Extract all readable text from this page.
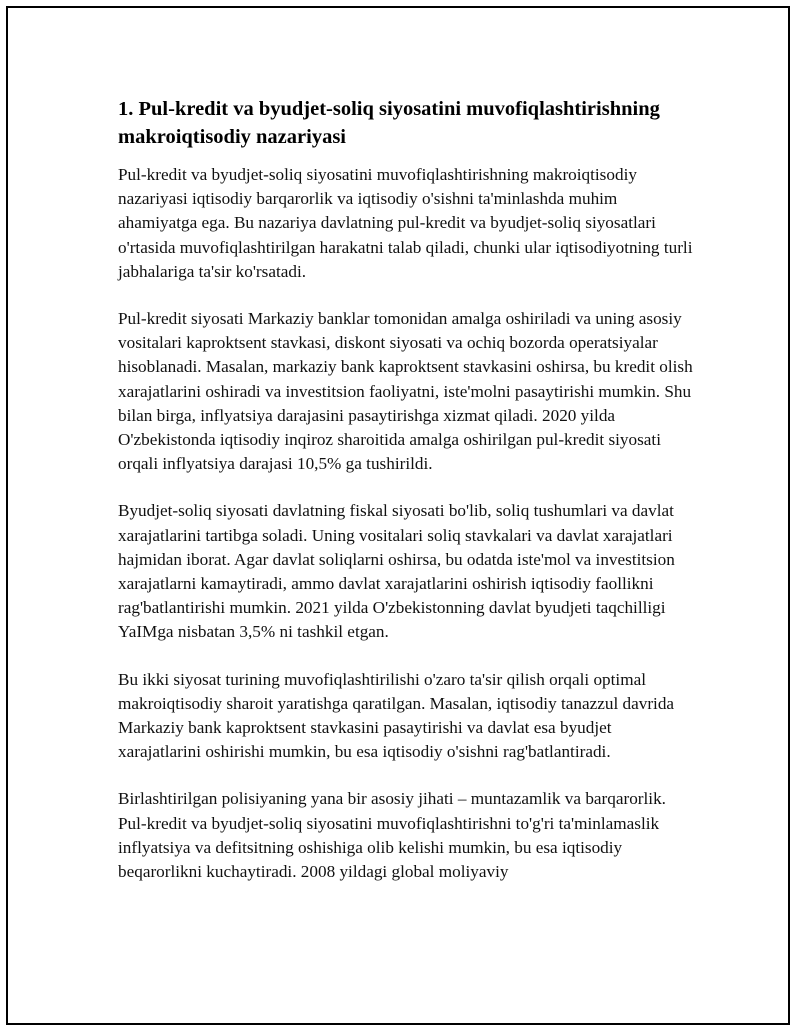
1. Pul-kredit va byudjet-soliq siyosatini muvofiqlashtirishning makroiqtisodiy nazariyasi

Pul-kredit va byudjet-soliq siyosatini muvofiqlashtirishning makroiqtisodiy nazariyasi iqtisodiy barqarorlik va iqtisodiy o'sishni ta'minlashda muhim ahamiyatga ega. Bu nazariya davlatning pul-kredit va byudjet-soliq siyosatlari o'rtasida muvofiqlashtirilgan harakatni talab qiladi, chunki ular iqtisodiyotning turli jabhalariga ta'sir ko'rsatadi.

Pul-kredit siyosati Markaziy banklar tomonidan amalga oshiriladi va uning asosiy vositalari kaproktsent stavkasi, diskont siyosati va ochiq bozorda operatsiyalar hisoblanadi. Masalan, markaziy bank kaproktsent stavkasini oshirsa, bu kredit olish xarajatlarini oshiradi va investitsion faoliyatni, iste'molni pasaytirishi mumkin. Shu bilan birga, inflyatsiya darajasini pasaytirishga xizmat qiladi. 2020 yilda O'zbekistonda iqtisodiy inqiroz sharoitida amalga oshirilgan pul-kredit siyosati orqali inflyatsiya darajasi 10,5% ga tushirildi.

Byudjet-soliq siyosati davlatning fiskal siyosati bo'lib, soliq tushumlari va davlat xarajatlarini tartibga soladi. Uning vositalari soliq stavkalari va davlat xarajatlari hajmidan iborat. Agar davlat soliqlarni oshirsa, bu odatda iste'mol va investitsion xarajatlarni kamaytiradi, ammo davlat xarajatlarini oshirish iqtisodiy faollikni rag'batlantirishi mumkin. 2021 yilda O'zbekistonning davlat byudjeti taqchilligi YaIMga nisbatan 3,5% ni tashkil etgan.

Bu ikki siyosat turining muvofiqlashtirilishi o'zaro ta'sir qilish orqali optimal makroiqtisodiy sharoit yaratishga qaratilgan. Masalan, iqtisodiy tanazzul davrida Markaziy bank kaproktsent stavkasini pasaytirishi va davlat esa byudjet xarajatlarini oshirishi mumkin, bu esa iqtisodiy o'sishni rag'batlantiradi.

Birlashtirilgan polisiyaning yana bir asosiy jihati – muntazamlik va barqarorlik. Pul-kredit va byudjet-soliq siyosatini muvofiqlashtirishni to'g'ri ta'minlamaslik inflyatsiya va defitsitning oshishiga olib kelishi mumkin, bu esa iqtisodiy beqarorlikni kuchaytiradi. 2008 yildagi global moliyaviy
